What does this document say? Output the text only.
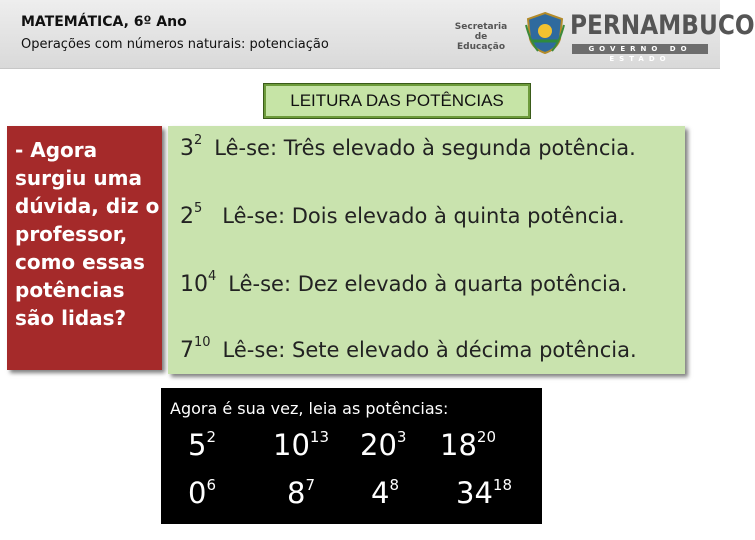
MATEMÁTICA, 6º Ano
Operações com números naturais: potenciação
Secretaria de
Educação
PERNAMBUCO
GOVERNO DO ESTADO
LEITURA DAS POTÊNCIAS
- Agora surgiu uma dúvida, diz o professor, como essas potências são lidas?
$3^2$ Lê-se: Três elevado à segunda potência.
$2^5$ Lê-se: Dois elevado à quinta potência.
$10^4$ Lê-se: Dez elevado à quarta potência.
$7^{10}$ Lê-se: Sete elevado à décima potência.
Agora é sua vez, leia as potências:
$5^2$ $10^{13}$ $20^3$ $18^{20}$
$0^6$ $8^7$ $4^8$ $34^{18}$
